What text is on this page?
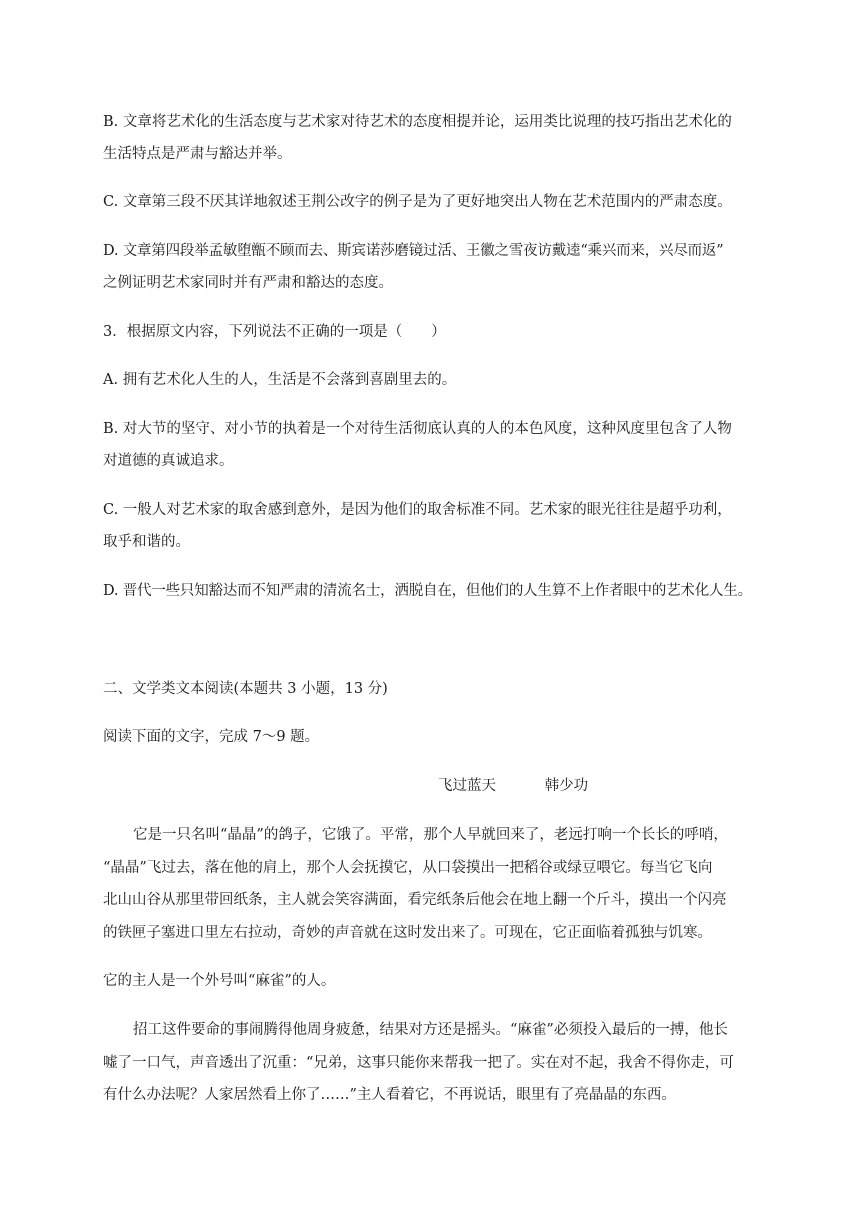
B. 文章将艺术化的生活态度与艺术家对待艺术的态度相提并论，运用类比说理的技巧指出艺术化的
生活特点是严肃与豁达并举。
C. 文章第三段不厌其详地叙述王荆公改字的例子是为了更好地突出人物在艺术范围内的严肃态度。
D. 文章第四段举孟敏堕甑不顾而去、斯宾诺莎磨镜过活、王徽之雪夜访戴逵“乘兴而来，兴尽而返”
之例证明艺术家同时并有严肃和豁达的态度。
3．根据原文内容，下列说法不正确的一项是（　　）
A. 拥有艺术化人生的人，生活是不会落到喜剧里去的。
B. 对大节的坚守、对小节的执着是一个对待生活彻底认真的人的本色风度，这种风度里包含了人物
对道德的真诚追求。
C. 一般人对艺术家的取舍感到意外，是因为他们的取舍标准不同。艺术家的眼光往往是超乎功利，
取乎和谐的。
D. 晋代一些只知豁达而不知严肃的清流名士，洒脱自在，但他们的人生算不上作者眼中的艺术化人生。
二、文学类文本阅读(本题共 3 小题，13 分)
阅读下面的文字，完成 7～9 题。
飞过蓝天	韩少功
它是一只名叫“晶晶”的鸽子，它饿了。平常，那个人早就回来了，老远打响一个长长的呼哨，
“晶晶”飞过去，落在他的肩上，那个人会抚摸它，从口袋摸出一把稻谷或绿豆喂它。每当它飞向
北山山谷从那里带回纸条，主人就会笑容满面，看完纸条后他会在地上翻一个斤斗，摸出一个闪亮
的铁匣子塞进口里左右拉动，奇妙的声音就在这时发出来了。可现在，它正面临着孤独与饥寒。
它的主人是一个外号叫“麻雀”的人。
招工这件要命的事闹腾得他周身疲惫，结果对方还是摇头。“麻雀”必须投入最后的一搏，他长
嘘了一口气，声音透出了沉重：“兄弟，这事只能你来帮我一把了。实在对不起，我舍不得你走，可
有什么办法呢？人家居然看上你了……”主人看着它，不再说话，眼里有了亮晶晶的东西。
